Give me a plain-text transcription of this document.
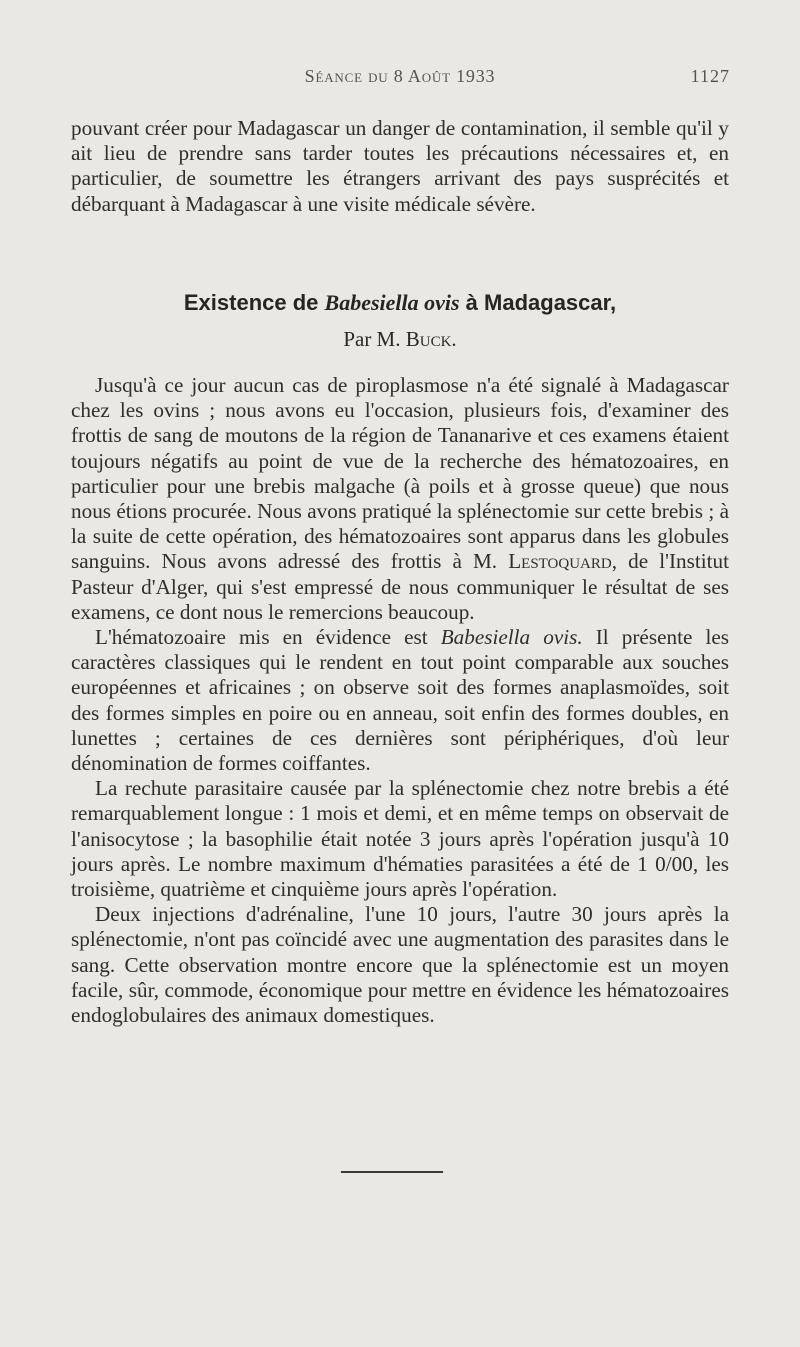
Séance du 8 Août 1933	1127

pouvant créer pour Madagascar un danger de contamination, il semble qu'il y ait lieu de prendre sans tarder toutes les précautions nécessaires et, en particulier, de soumettre les étrangers arrivant des pays susprécités et débarquant à Madagascar à une visite médicale sévère.

Existence de Babesiella ovis à Madagascar,
Par M. Buck.

Jusqu'à ce jour aucun cas de piroplasmose n'a été signalé à Madagascar chez les ovins ; nous avons eu l'occasion, plusieurs fois, d'examiner des frottis de sang de moutons de la région de Tananarive et ces examens étaient toujours négatifs au point de vue de la recherche des hématozoaires, en particulier pour une brebis malgache (à poils et à grosse queue) que nous nous étions procurée. Nous avons pratiqué la splénectomie sur cette brebis ; à la suite de cette opération, des hématozoaires sont apparus dans les globules sanguins. Nous avons adressé des frottis à M. Lestoquard, de l'Institut Pasteur d'Alger, qui s'est empressé de nous communiquer le résultat de ses examens, ce dont nous le remercions beaucoup.

L'hématozoaire mis en évidence est Babesiella ovis. Il présente les caractères classiques qui le rendent en tout point comparable aux souches européennes et africaines ; on observe soit des formes anaplasmoïdes, soit des formes simples en poire ou en anneau, soit enfin des formes doubles, en lunettes ; certaines de ces dernières sont périphériques, d'où leur dénomination de formes coiffantes.

La rechute parasitaire causée par la splénectomie chez notre brebis a été remarquablement longue : 1 mois et demi, et en même temps on observait de l'anisocytose ; la basophilie était notée 3 jours après l'opération jusqu'à 10 jours après. Le nombre maximum d'hématies parasitées a été de 1 0/00, les troisième, quatrième et cinquième jours après l'opération.

Deux injections d'adrénaline, l'une 10 jours, l'autre 30 jours après la splénectomie, n'ont pas coïncidé avec une augmentation des parasites dans le sang. Cette observation montre encore que la splénectomie est un moyen facile, sûr, commode, économique pour mettre en évidence les hématozoaires endoglobulaires des animaux domestiques.
